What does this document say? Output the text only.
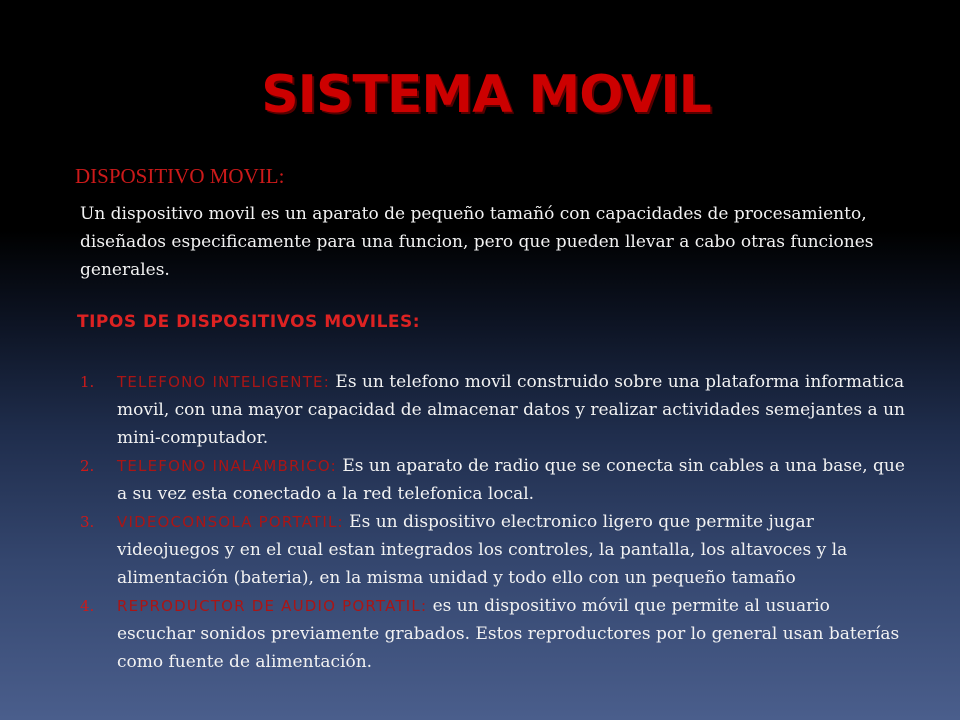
SISTEMA MOVIL
DISPOSITIVO MOVIL:
Un dispositivo movil es un aparato de pequeño tamañó con capacidades de procesamiento, diseñados especificamente para una funcion, pero que pueden llevar a cabo otras funciones generales.
TIPOS DE DISPOSITIVOS MOVILES:
1. TELEFONO INTELIGENTE: Es un telefono movil construido sobre una plataforma informatica movil, con una mayor capacidad de almacenar datos y realizar actividades semejantes a un mini-computador.
2. TELEFONO INALAMBRICO: Es un aparato de radio que se conecta sin cables a una base, que a su vez esta conectado a la red telefonica local.
3. VIDEOCONSOLA PORTATIL: Es un dispositivo electronico ligero que permite jugar videojuegos y en el cual estan integrados los controles, la pantalla, los altavoces y la alimentación (bateria), en la misma unidad y todo ello con un pequeño tamaño
4. REPRODUCTOR DE AUDIO PORTATIL: es un dispositivo móvil que permite al usuario escuchar sonidos previamente grabados. Estos reproductores por lo general usan baterías como fuente de alimentación.
